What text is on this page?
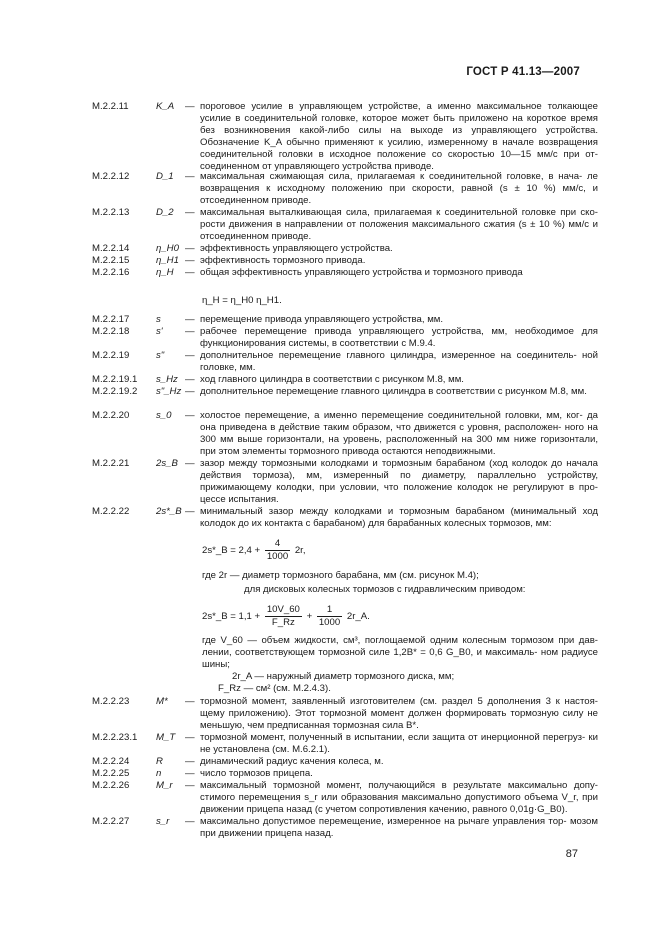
ГОСТ Р 41.13—2007
M.2.2.11	K_A	— пороговое усилие в управляющем устройстве, а именно максимальное толкающее усилие в соединительной головке, которое может быть приложено на короткое время без возникновения какой-либо силы на выходе из управляющего устройства. Обозначение K_A обычно применяют к усилию, измеренному в начале возвращения соединительной головки в исходное положение со скоростью 10—15 мм/с при от- соединенном от управляющего устройства приводе.
M.2.2.12	D_1	— максимальная сжимающая сила, прилагаемая к соединительной головке, в нача- ле возвращения к исходному положению при скорости, равной (s ± 10 %) мм/с, и отсоединенном приводе.
M.2.2.13	D_2	— максимальная выталкивающая сила, прилагаемая к соединительной головке при ско- рости движения в направлении от положения максимального сжатия (s ± 10 %) мм/с и отсоединенном приводе.
M.2.2.14	η_H0 — эффективность управляющего устройства.
M.2.2.15	η_H1 — эффективность тормозного привода.
M.2.2.16	η_H	— общая эффективность управляющего устройства и тормозного привода
M.2.2.17	s	— перемещение привода управляющего устройства, мм.
M.2.2.18	s'	— рабочее перемещение привода управляющего устройства, мм, необходимое для функционирования системы, в соответствии с M.9.4.
M.2.2.19	s"	— дополнительное перемещение главного цилиндра, измеренное на соединитель- ной головке, мм.
M.2.2.19.1	s_Hz — ход главного цилиндра в соответствии с рисунком M.8, мм.
M.2.2.19.2	s"_Hz — дополнительное перемещение главного цилиндра в соответствии с рисунком M.8, мм.
M.2.2.20	s_0	— холостое перемещение, а именно перемещение соединительной головки, мм, ког- да она приведена в действие таким образом, что движется с уровня, расположен- ного на 300 мм выше горизонтали, на уровень, расположенный на 300 мм ниже горизонтали, при этом элементы тормозного привода остаются неподвижными.
M.2.2.21	2s_B — зазор между тормозными колодками и тормозным барабаном (ход колодок до начала действия тормоза), мм, измеренный по диаметру, параллельно устройству, прижимающему колодки, при условии, что положение колодок не регулируют в про- цессе испытания.
M.2.2.22	2s*_B — минимальный зазор между колодками и тормозным барабаном (минимальный ход колодок до их контакта с барабаном) для барабанных колесных тормозов, мм:
M.2.2.23	M*	— тормозной момент, заявленный изготовителем (см. раздел 5 дополнения 3 к настоя- щему приложению). Этот тормозной момент должен формировать тормозную силу не меньшую, чем предписанная тормозная сила B*.
M.2.2.23.1	M_T	— тормозной момент, полученный в испытании, если защита от инерционной перегруз- ки не установлена (см. M.6.2.1).
M.2.2.24	R	— динамический радиус качения колеса, м.
M.2.2.25	n	— число тормозов прицепа.
M.2.2.26	M_r	— максимальный тормозной момент, получающийся в результате максимально допу- стимого перемещения s_r или образования максимально допустимого объема V_r, при движении прицепа назад (с учетом сопротивления качению, равного 0,01g·G_B0).
M.2.2.27	s_r	— максимально допустимое перемещение, измеренное на рычаге управления тор- мозом при движении прицепа назад.
η_H = η_H0 η_H1.
2s*_B = $2,4 + \frac{4}{1000} 2r$,
где 2r — диаметр тормозного барабана, мм (см. рисунок M.4);
для дисковых колесных тормозов с гидравлическим приводом:
2s*_B = $1,1 + \frac{10V\_60}{F\_Rz} + \frac{1}{1000}$ 2r_A.
где V_60 — объем жидкости, см³, поглощаемой одним колесным тормозом при дав- лении, соответствующем тормозной силе 1,2B* = 0,6 G_B0, и максималь- ном радиусе шины;
2r_A — наружный диаметр тормозного диска, мм;
F_Rz — см² (см. M.2.4.3).
87
